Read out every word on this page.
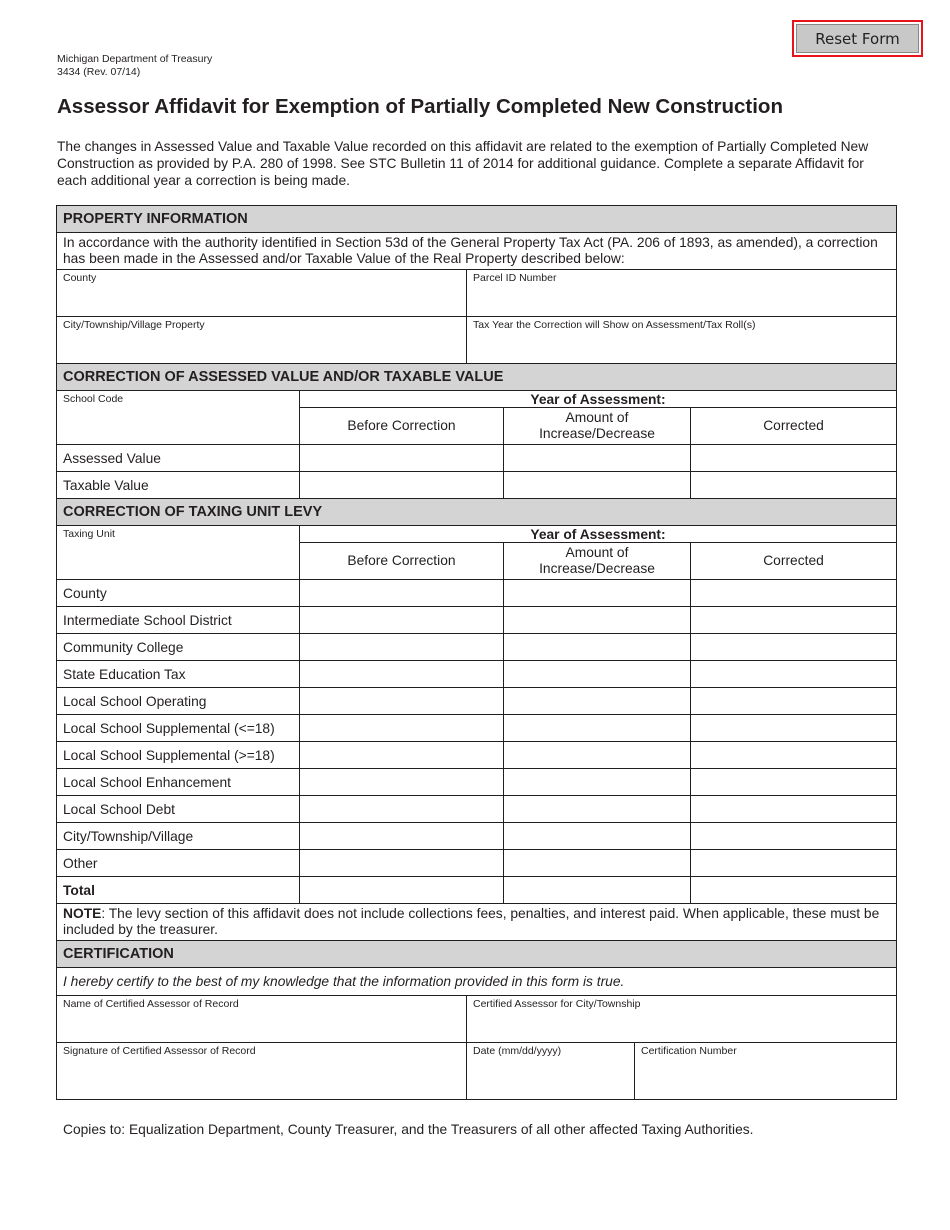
Reset Form
Michigan Department of Treasury
3434 (Rev. 07/14)
Assessor Affidavit for Exemption of Partially Completed New Construction

The changes in Assessed Value and Taxable Value recorded on this affidavit are related to the exemption of Partially Completed New Construction as provided by P.A. 280 of 1998. See STC Bulletin 11 of 2014 for additional guidance. Complete a separate Affidavit for each additional year a correction is being made.

PROPERTY INFORMATION					
In accordance with the authority identified in Section 53d of the General Property Tax Act (PA. 206 of 1893, as amended), a correction has been made in the Assessed and/or Taxable Value of the Real Property described below:					
County		Parcel ID Number			
City/Township/Village Property		Tax Year the Correction will Show on Assessment/Tax Roll(s)			
CORRECTION OF ASSESSED VALUE AND/OR TAXABLE VALUE					
School Code	Year of Assessment:				
	Before Correction		Amount of Increase/Decrease		Corrected
Assessed Value					
Taxable Value					
CORRECTION OF TAXING UNIT LEVY					
Taxing Unit	Year of Assessment:				
	Before Correction		Amount of Increase/Decrease		Corrected
County					
Intermediate School District					
Community College					
State Education Tax					
Local School Operating					
Local School Supplemental (<=18)					
Local School Supplemental (>=18)					
Local School Enhancement					
Local School Debt					
City/Township/Village					
Other					
Total					
NOTE: The levy section of this affidavit does not include collections fees, penalties, and interest paid. When applicable, these must be included by the treasurer.					
CERTIFICATION					
I hereby certify to the best of my knowledge that the information provided in this form is true.					
Name of Certified Assessor of Record		Certified Assessor for City/Township			
Signature of Certified Assessor of Record		Date (mm/dd/yyyy)		Certification Number	
Copies to: Equalization Department, County Treasurer, and the Treasurers of all other affected Taxing Authorities.
